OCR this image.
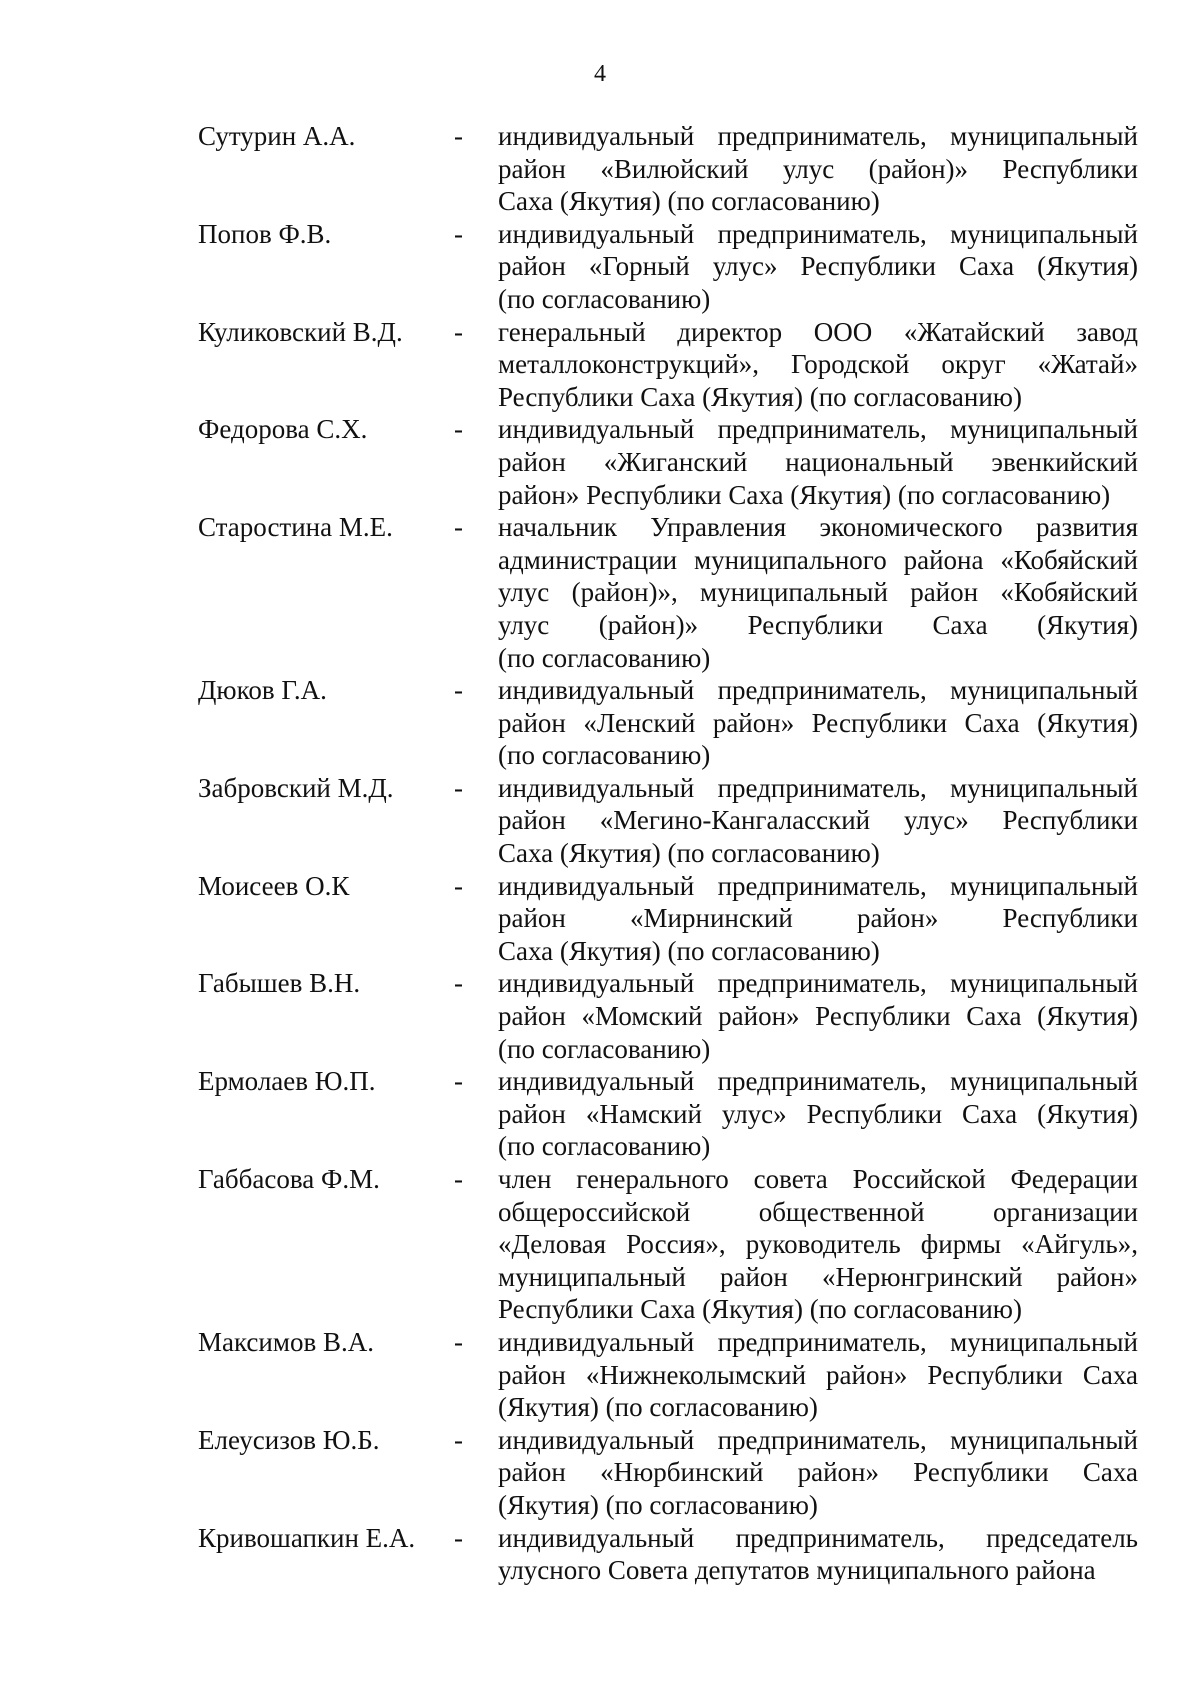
4
Сутурин А.А.	- индивидуальный предприниматель, муниципальный
район «Вилюйский улус (район)» Республики
Саха (Якутия) (по согласованию)
Попов Ф.В.	- индивидуальный предприниматель, муниципальный
район «Горный улус» Республики Саха (Якутия)
(по согласованию)
Куликовский В.Д. - генеральный директор ООО «Жатайский завод
металлоконструкций», Городской округ «Жатай»
Республики Саха (Якутия) (по согласованию)
Федорова С.Х.	- индивидуальный предприниматель, муниципальный
район «Жиганский национальный эвенкийский
район» Республики Саха (Якутия) (по согласованию)
Старостина М.Е. - начальник Управления экономического развития
администрации муниципального района «Кобяйский
улус (район)», муниципальный район «Кобяйский
улус (район)» Республики Саха (Якутия)
(по согласованию)
Дюков Г.А.	- индивидуальный предприниматель, муниципальный
район «Ленский район» Республики Саха (Якутия)
(по согласованию)
Забровский М.Д. - индивидуальный предприниматель, муниципальный
район «Мегино-Кангаласский улус» Республики
Саха (Якутия) (по согласованию)
Моисеев О.К	- индивидуальный предприниматель, муниципальный
район «Мирнинский район» Республики
Саха (Якутия) (по согласованию)
Габышев В.Н.	- индивидуальный предприниматель, муниципальный
район «Момский район» Республики Саха (Якутия)
(по согласованию)
Ермолаев Ю.П.	- индивидуальный предприниматель, муниципальный
район «Намский улус» Республики Саха (Якутия)
(по согласованию)
Габбасова Ф.М.	- член генерального совета Российской Федерации
общероссийской общественной организации
«Деловая Россия», руководитель фирмы «Айгуль»,
муниципальный район «Нерюнгринский район»
Республики Саха (Якутия) (по согласованию)
Максимов В.А.	- индивидуальный предприниматель, муниципальный
район «Нижнеколымский район» Республики Саха
(Якутия) (по согласованию)
Елеусизов Ю.Б.	- индивидуальный предприниматель, муниципальный
район «Нюрбинский район» Республики Саха
(Якутия) (по согласованию)
Кривошапкин Е.А. - индивидуальный предприниматель, председатель
улусного Совета депутатов муниципального района
